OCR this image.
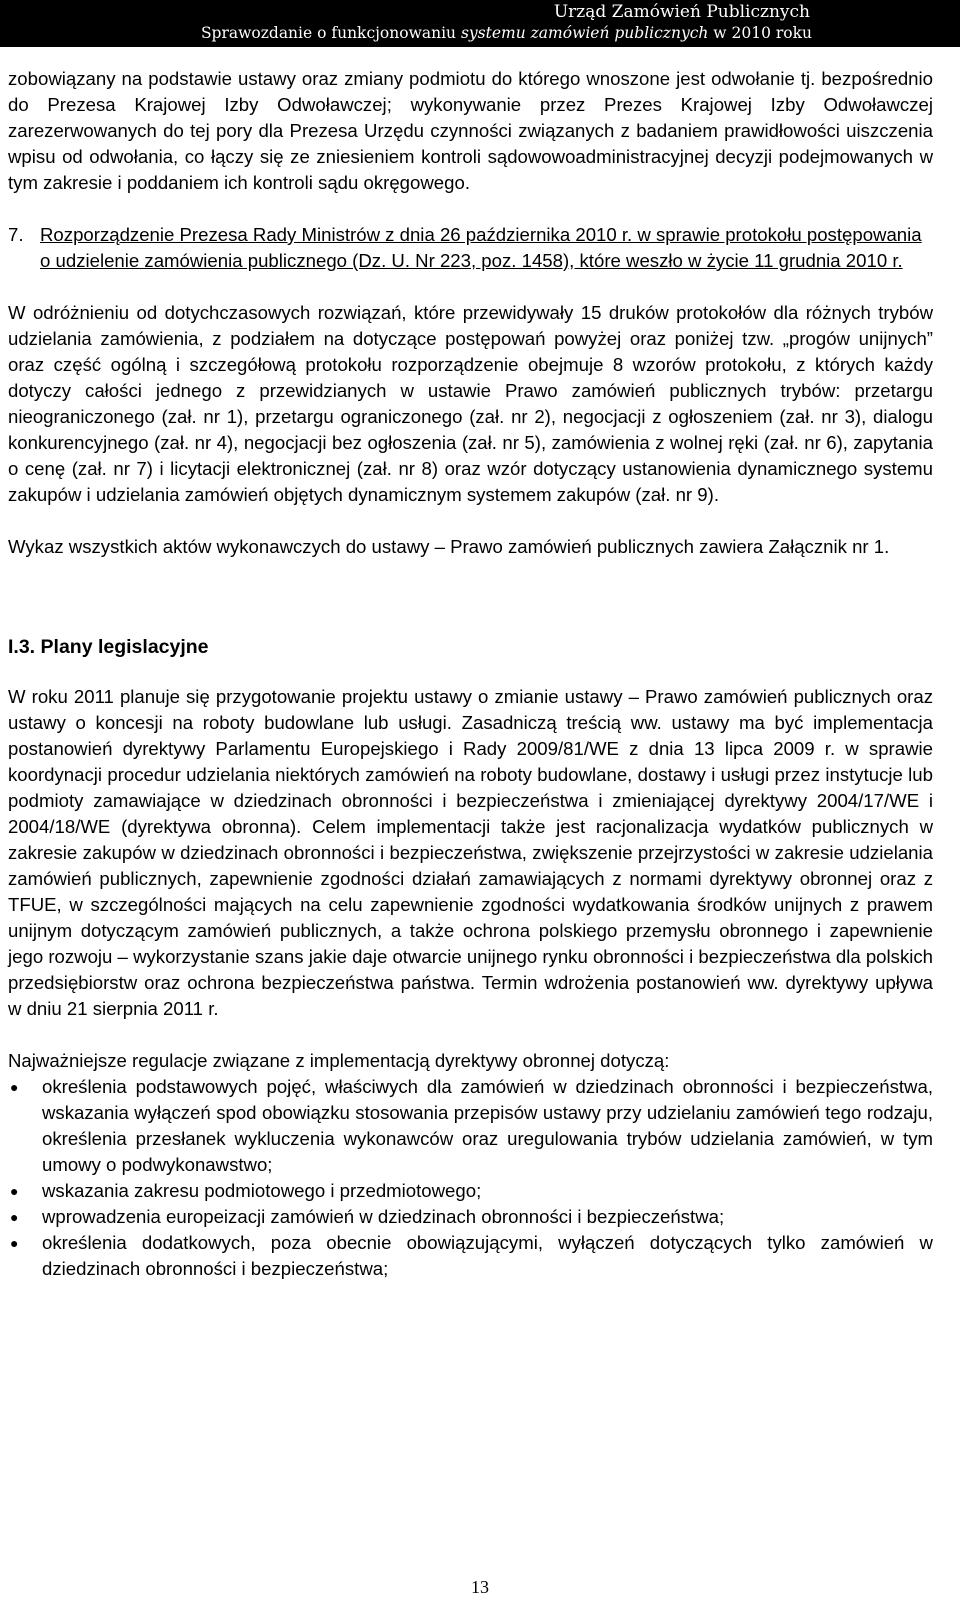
Urząd Zamówień Publicznych
Sprawozdanie o funkcjonowaniu systemu zamówień publicznych w 2010 roku

zobowiązany na podstawie ustawy oraz zmiany podmiotu do którego wnoszone jest odwołanie tj. bezpośrednio do Prezesa Krajowej Izby Odwoławczej; wykonywanie przez Prezes Krajowej Izby Odwoławczej zarezerwowanych do tej pory dla Prezesa Urzędu czynności związanych z badaniem prawidłowości uiszczenia wpisu od odwołania, co łączy się ze zniesieniem kontroli sądowowoadministracyjnej decyzji podejmowanych w tym zakresie i poddaniem ich kontroli sądu okręgowego.

7. Rozporządzenie Prezesa Rady Ministrów z dnia 26 października 2010 r. w sprawie protokołu postępowania o udzielenie zamówienia publicznego (Dz. U. Nr 223, poz. 1458), które weszło w życie 11 grudnia 2010 r.

W odróżnieniu od dotychczasowych rozwiązań, które przewidywały 15 druków protokołów dla różnych trybów udzielania zamówienia, z podziałem na dotyczące postępowań powyżej oraz poniżej tzw. „progów unijnych” oraz część ogólną i szczegółową protokołu rozporządzenie obejmuje 8 wzorów protokołu, z których każdy dotyczy całości jednego z przewidzianych w ustawie Prawo zamówień publicznych trybów: przetargu nieograniczonego (zał. nr 1), przetargu ograniczonego (zał. nr 2), negocjacji z ogłoszeniem (zał. nr 3), dialogu konkurencyjnego (zał. nr 4), negocjacji bez ogłoszenia (zał. nr 5), zamówienia z wolnej ręki (zał. nr 6), zapytania o cenę (zał. nr 7) i licytacji elektronicznej (zał. nr 8) oraz wzór dotyczący ustanowienia dynamicznego systemu zakupów i udzielania zamówień objętych dynamicznym systemem zakupów (zał. nr 9).

Wykaz wszystkich aktów wykonawczych do ustawy – Prawo zamówień publicznych zawiera Załącznik nr 1.

I.3. Plany legislacyjne

W roku 2011 planuje się przygotowanie projektu ustawy o zmianie ustawy – Prawo zamówień publicznych oraz ustawy o koncesji na roboty budowlane lub usługi. Zasadniczą treścią ww. ustawy ma być implementacja postanowień dyrektywy Parlamentu Europejskiego i Rady 2009/81/WE z dnia 13 lipca 2009 r. w sprawie koordynacji procedur udzielania niektórych zamówień na roboty budowlane, dostawy i usługi przez instytucje lub podmioty zamawiające w dziedzinach obronności i bezpieczeństwa i zmieniającej dyrektywy 2004/17/WE i 2004/18/WE (dyrektywa obronna). Celem implementacji także jest racjonalizacja wydatków publicznych w zakresie zakupów w dziedzinach obronności i bezpieczeństwa, zwiększenie przejrzystości w zakresie udzielania zamówień publicznych, zapewnienie zgodności działań zamawiających z normami dyrektywy obronnej oraz z TFUE, w szczególności mających na celu zapewnienie zgodności wydatkowania środków unijnych z prawem unijnym dotyczącym zamówień publicznych, a także ochrona polskiego przemysłu obronnego i zapewnienie jego rozwoju – wykorzystanie szans jakie daje otwarcie unijnego rynku obronności i bezpieczeństwa dla polskich przedsiębiorstw oraz ochrona bezpieczeństwa państwa. Termin wdrożenia postanowień ww. dyrektywy upływa w dniu 21 sierpnia 2011 r.

Najważniejsze regulacje związane z implementacją dyrektywy obronnej dotyczą:

●	określenia podstawowych pojęć, właściwych dla zamówień w dziedzinach obronności i bezpieczeństwa, wskazania wyłączeń spod obowiązku stosowania przepisów ustawy przy udzielaniu zamówień tego rodzaju, określenia przesłanek wykluczenia wykonawców oraz uregulowania trybów udzielania zamówień, w tym umowy o podwykonawstwo;
●	wskazania zakresu podmiotowego i przedmiotowego;
●	wprowadzenia europeizacji zamówień w dziedzinach obronności i bezpieczeństwa;
●	określenia dodatkowych, poza obecnie obowiązującymi, wyłączeń dotyczących tylko zamówień w dziedzinach obronności i bezpieczeństwa;
13
